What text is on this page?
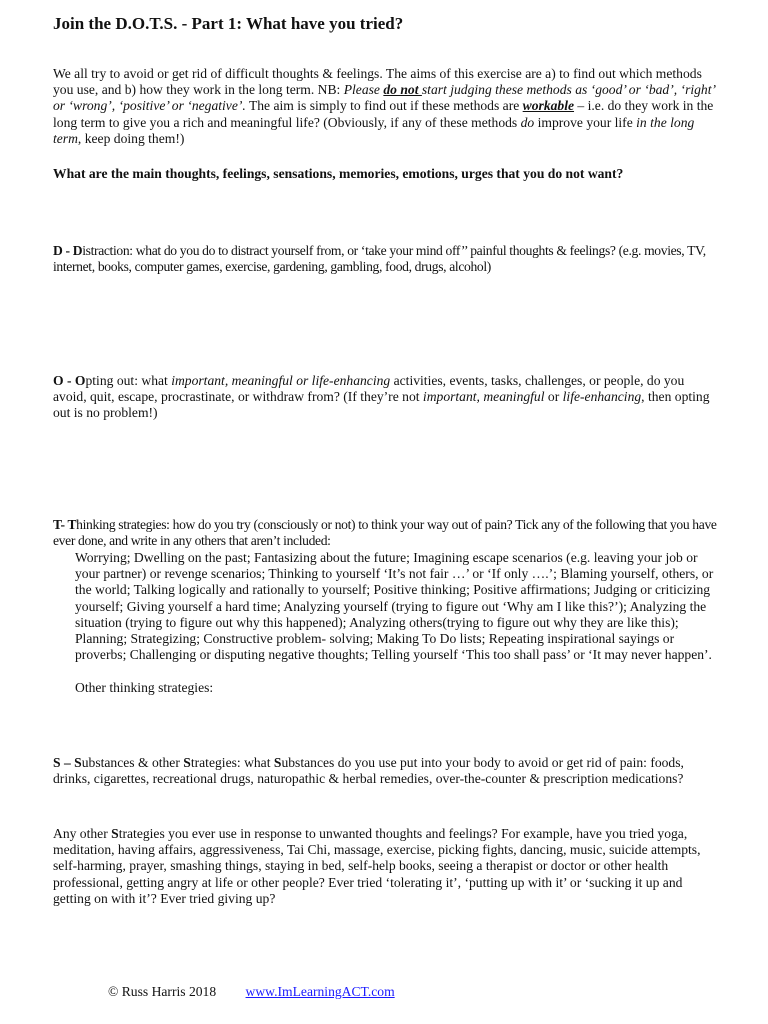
Join the D.O.T.S. - Part 1: What have you tried?

We all try to avoid or get rid of difficult thoughts & feelings. The aims of this exercise are a) to find out which methods you use, and b) how they work in the long term. NB: Please do not start judging these methods as ‘good’ or ‘bad’, ‘right’ or ‘wrong’, ‘positive’ or ‘negative’. The aim is simply to find out if these methods are workable – i.e. do they work in the long term to give you a rich and meaningful life? (Obviously, if any of these methods do improve your life in the long term, keep doing them!)

What are the main thoughts, feelings, sensations, memories, emotions, urges that you do not want?

D - Distraction: what do you do to distract yourself from, or ‘take your mind off’’ painful thoughts & feelings? (e.g. movies, TV, internet, books, computer games, exercise, gardening, gambling, food, drugs, alcohol)

O - Opting out: what important, meaningful or life-enhancing activities, events, tasks, challenges, or people, do you avoid, quit, escape, procrastinate, or withdraw from? (If they’re not important, meaningful or life-enhancing, then opting out is no problem!)

T- Thinking strategies: how do you try (consciously or not) to think your way out of pain? Tick any of the following that you have ever done, and write in any others that aren’t included:

Worrying; Dwelling on the past; Fantasizing about the future; Imagining escape scenarios (e.g. leaving your job or your partner) or revenge scenarios; Thinking to yourself ‘It’s not fair …’ or ‘If only ….’; Blaming yourself, others, or the world; Talking logically and rationally to yourself; Positive thinking; Positive affirmations; Judging or criticizing yourself; Giving yourself a hard time; Analyzing yourself (trying to figure out ‘Why am I like this?’); Analyzing the situation (trying to figure out why this happened); Analyzing others(trying to figure out why they are like this); Planning; Strategizing; Constructive problem- solving; Making To Do lists; Repeating inspirational sayings or proverbs; Challenging or disputing negative thoughts; Telling yourself ‘This too shall pass’ or ‘It may never happen’.

Other thinking strategies:

S – Substances & other Strategies: what Substances do you use put into your body to avoid or get rid of pain: foods, drinks, cigarettes, recreational drugs, naturopathic & herbal remedies, over-the-counter & prescription medications?

Any other Strategies you ever use in response to unwanted thoughts and feelings? For example, have you tried yoga, meditation, having affairs, aggressiveness, Tai Chi, massage, exercise, picking fights, dancing, music, suicide attempts, self-harming, prayer, smashing things, staying in bed, self-help books, seeing a therapist or doctor or other health professional, getting angry at life or other people? Ever tried ‘tolerating it’, ‘putting up with it’ or ‘sucking it up and getting on with it’? Ever tried giving up?

© Russ Harris 2018 www.ImLearningACT.com
